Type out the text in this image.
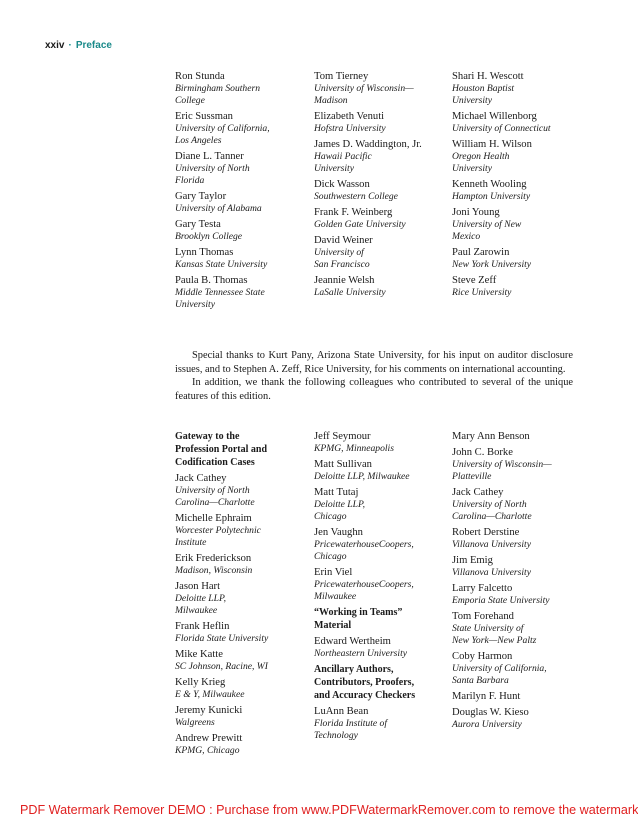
xxiv · Preface
Ron Stunda
Birmingham Southern
College
Eric Sussman
University of California,
Los Angeles
Diane L. Tanner
University of North
Florida
Gary Taylor
University of Alabama
Gary Testa
Brooklyn College
Lynn Thomas
Kansas State University
Paula B. Thomas
Middle Tennessee State
University
Tom Tierney
University of Wisconsin—
Madison
Elizabeth Venuti
Hofstra University
James D. Waddington, Jr.
Hawaii Pacific
University
Dick Wasson
Southwestern College
Frank F. Weinberg
Golden Gate University
David Weiner
University of
San Francisco
Jeannie Welsh
LaSalle University
Shari H. Wescott
Houston Baptist
University
Michael Willenborg
University of Connecticut
William H. Wilson
Oregon Health
University
Kenneth Wooling
Hampton University
Joni Young
University of New
Mexico
Paul Zarowin
New York University
Steve Zeff
Rice University

Special thanks to Kurt Pany, Arizona State University, for his input on auditor disclosure issues, and to Stephen A. Zeff, Rice University, for his comments on international accounting.

In addition, we thank the following colleagues who contributed to several of the unique features of this edition.

Gateway to the
Profession Portal and
Codification Cases
Jack Cathey
University of North
Carolina—Charlotte
Michelle Ephraim
Worcester Polytechnic
Institute
Erik Frederickson
Madison, Wisconsin
Jason Hart
Deloitte LLP,
Milwaukee
Frank Heflin
Florida State University
Mike Katte
SC Johnson, Racine, WI
Kelly Krieg
E & Y, Milwaukee
Jeremy Kunicki
Walgreens
Andrew Prewitt
KPMG, Chicago
Jeff Seymour
KPMG, Minneapolis
Matt Sullivan
Deloitte LLP, Milwaukee
Matt Tutaj
Deloitte LLP,
Chicago
Jen Vaughn
PricewaterhouseCoopers,
Chicago
Erin Viel
PricewaterhouseCoopers,
Milwaukee
“Working in Teams”
Material
Edward Wertheim
Northeastern University
Ancillary Authors,
Contributors, Proofers,
and Accuracy Checkers
LuAnn Bean
Florida Institute of
Technology
Mary Ann Benson
John C. Borke
University of Wisconsin—
Platteville
Jack Cathey
University of North
Carolina—Charlotte
Robert Derstine
Villanova University
Jim Emig
Villanova University
Larry Falcetto
Emporia State University
Tom Forehand
State University of
New York—New Paltz
Coby Harmon
University of California,
Santa Barbara
Marilyn F. Hunt
Douglas W. Kieso
Aurora University
PDF Watermark Remover DEMO : Purchase from www.PDFWatermarkRemover.com to remove the watermark
